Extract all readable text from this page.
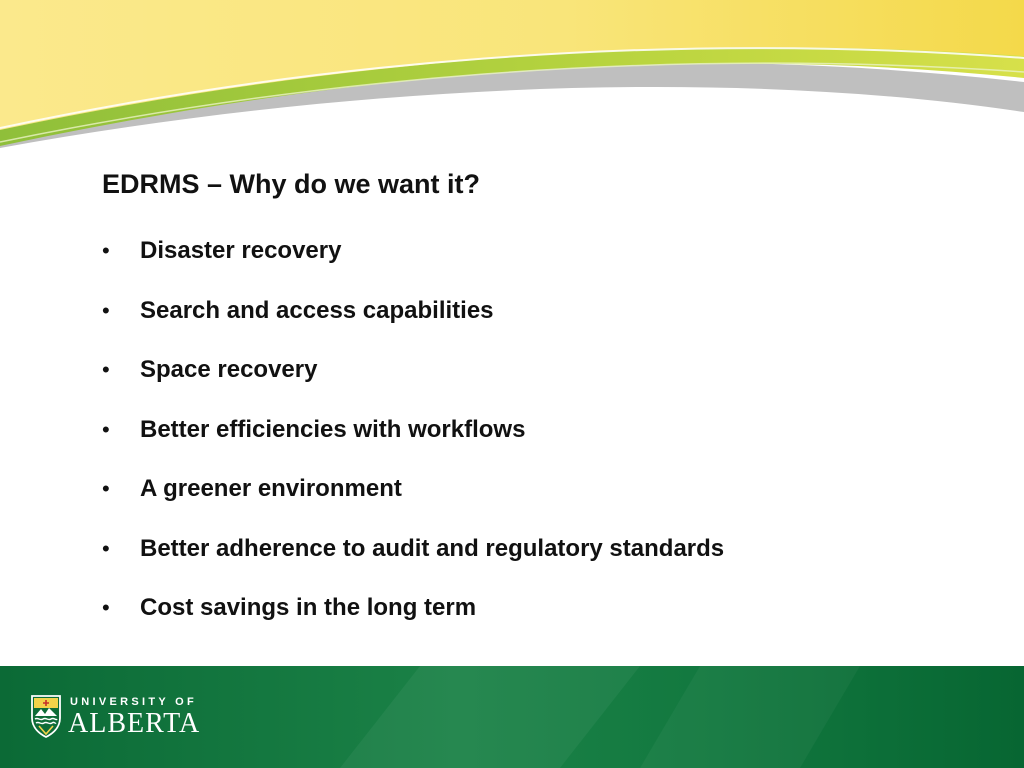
EDRMS – Why do we want it?
•	Disaster recovery
•	Search and access capabilities
•	Space recovery
•	Better efficiencies with workflows
•	A greener environment
•	Better adherence to audit and regulatory standards
•	Cost savings in the long term
UNIVERSITY OF
ALBERTA
